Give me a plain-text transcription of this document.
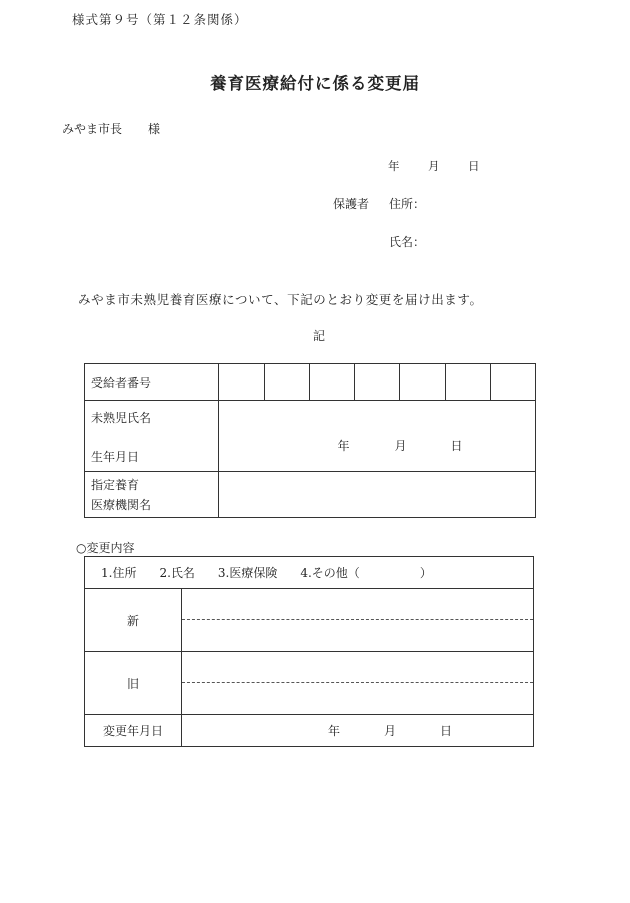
様式第９号（第１２条関係）
養育医療給付に係る変更届
みやま市長 様
年 月 日
保護者 住所：
氏名：
みやま市未熟児養育医療について、下記のとおり変更を届け出ます。
記
受給者番号							

未熟児氏名
生年月日	年 月 日						

指定養育
医療機関名							

○変更内容
1.住所 2.氏名 3.医療保険 4.その他（ ）	
新	

旧	

変更年月日	年 月 日
